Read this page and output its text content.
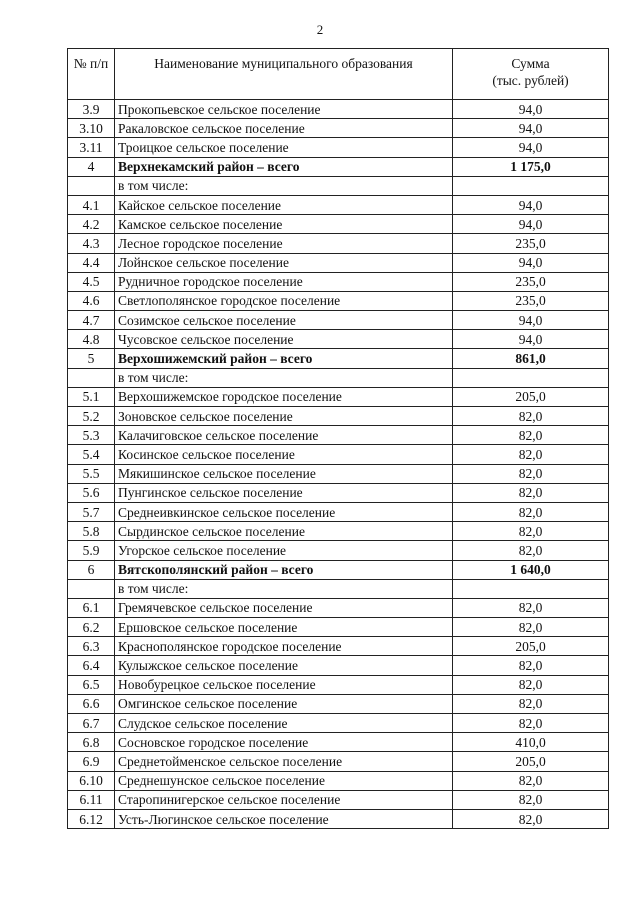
2
№ п/п	Наименование муниципального образования	Сумма
(тыс. рублей)

3.9	Прокопьевское сельское поселение	94,0
3.10	Ракаловское сельское поселение	94,0
3.11	Троицкое сельское поселение	94,0
4	Верхнекамский район – всего	1 175,0
	в том числе:	
4.1	Кайское сельское поселение	94,0
4.2	Камское сельское поселение	94,0
4.3	Лесное городское поселение	235,0
4.4	Лойнское сельское поселение	94,0
4.5	Рудничное городское поселение	235,0
4.6	Светлополянское городское поселение	235,0
4.7	Созимское сельское поселение	94,0
4.8	Чусовское сельское поселение	94,0
5	Верхошижемский район – всего	861,0
	в том числе:	
5.1	Верхошижемское городское поселение	205,0
5.2	Зоновское сельское поселение	82,0
5.3	Калачиговское сельское поселение	82,0
5.4	Косинское сельское поселение	82,0
5.5	Мякишинское сельское поселение	82,0
5.6	Пунгинское сельское поселение	82,0
5.7	Среднеивкинское сельское поселение	82,0
5.8	Сырдинское сельское поселение	82,0
5.9	Угорское сельское поселение	82,0
6	Вятскополянский район – всего	1 640,0
	в том числе:	
6.1	Гремячевское сельское поселение	82,0
6.2	Ершовское сельское поселение	82,0
6.3	Краснополянское городское поселение	205,0
6.4	Кулыжское сельское поселение	82,0
6.5	Новобурецкое сельское поселение	82,0
6.6	Омгинское сельское поселение	82,0
6.7	Слудское сельское поселение	82,0
6.8	Сосновское городское поселение	410,0
6.9	Среднетойменское сельское поселение	205,0
6.10	Среднешунское сельское поселение	82,0
6.11	Старопинигерское сельское поселение	82,0
6.12	Усть-Люгинское сельское поселение	82,0
